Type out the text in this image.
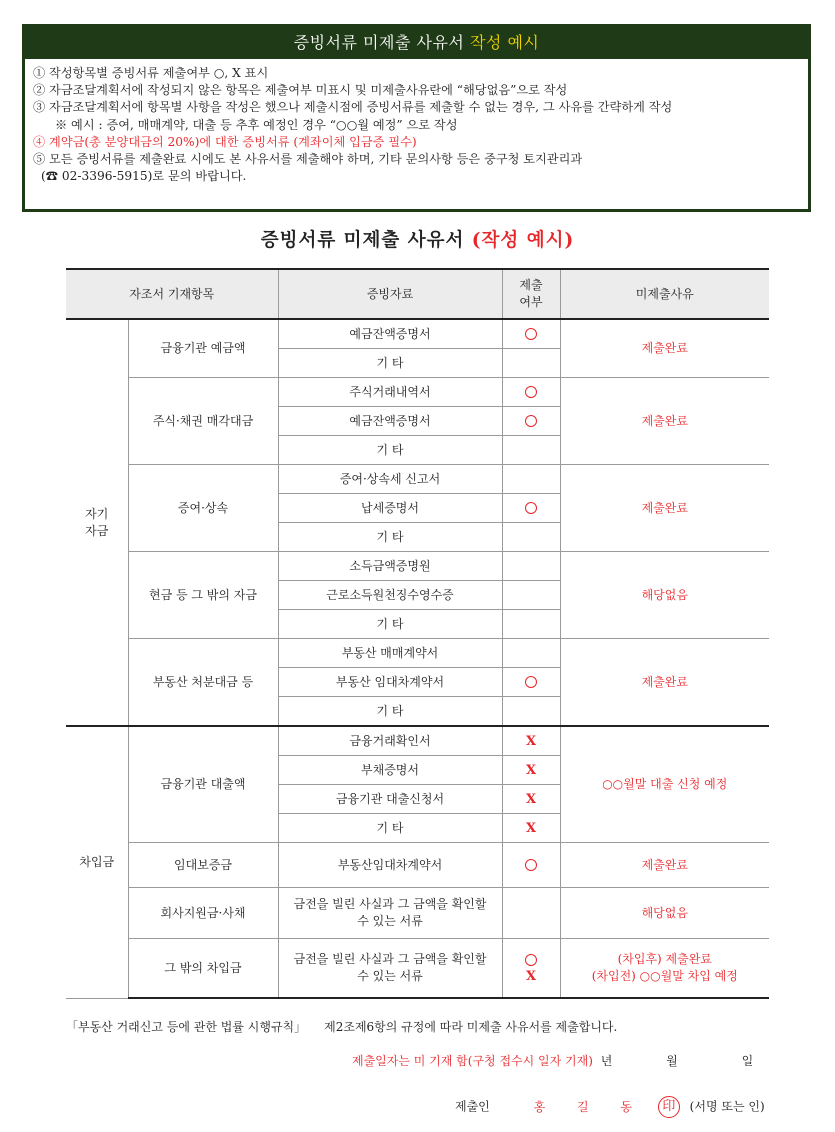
증빙서류 미제출 사유서 작성 예시
① 작성항목별 증빙서류 제출여부 ○, X 표시
② 자금조달계획서에 작성되지 않은 항목은 제출여부 미표시 및 미제출사유란에 “해당없음”으로 작성
③ 자금조달계획서에 항목별 사항을 작성은 했으나 제출시점에 증빙서류를 제출할 수 없는 경우, 그 사유를 간략하게 작성
※ 예시 : 증여, 매매계약, 대출 등 추후 예정인 경우 “○○월 예정” 으로 작성
④ 계약금(총 분양대금의 20%)에 대한 증빙서류 (계좌이체 입금증 필수)
⑤ 모든 증빙서류를 제출완료 시에도 본 사유서를 제출해야 하며, 기타 문의사항 등은 중구청 토지관리과
(☎ 02-3396-5915)로 문의 바랍니다.
증빙서류 미제출 사유서 (작성 예시)
자조서 기재항목		증빙자료	제출
여부	미제출사유
자기
자금	금융기관 예금액	예금잔액증명서		제출완료
		기 타		
	주식·채권 매각대금	주식거래내역서		제출완료
		예금잔액증명서		
		기 타		
	증여·상속	증여·상속세 신고서		제출완료
		납세증명서		
		기 타		
	현금 등 그 밖의 자금	소득금액증명원		해당없음
		근로소득원천징수영수증		
		기 타		
	부동산 처분대금 등	부동산 매매계약서		제출완료
		부동산 임대차계약서		
		기 타		
차입금	금융기관 대출액	금융거래확인서	X	○○월말 대출 신청 예정
		부채증명서	X	
		금융기관 대출신청서	X	
		기 타	X	
	임대보증금	부동산임대차계약서		제출완료
	회사지원금·사채	금전을 빌린 사실과 그 금액을 확인할
수 있는 서류		해당없음
	그 밖의 차입금	금전을 빌린 사실과 그 금액을 확인할
수 있는 서류	X	(차입후) 제출완료
(차입전) ○○월말 차입 예정
「부동산 거래신고 등에 관한 법률 시행규칙」 제2조제6항의 규정에 따라 미제출 사유서를 제출합니다.
제출일자는 미 기재 함(구청 접수시 일자 기재) 년	월	일
제출인	홍 길 동 印 (서명 또는 인)
